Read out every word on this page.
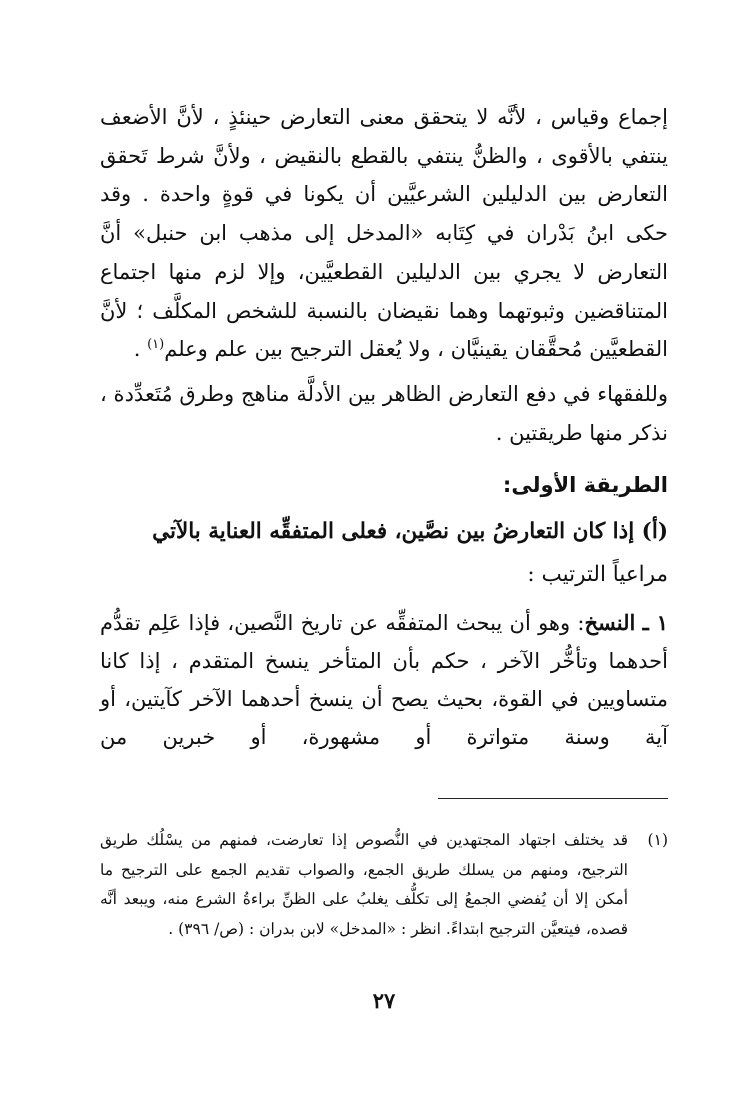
إجماع وقياس ، لأنَّه لا يتحقق معنى التعارض حينئذٍ ، لأنَّ الأضعف ينتفي بالأقوى ، والظنُّ ينتفي بالقطع بالنقيض ، ولأنَّ شرط تَحقق التعارض بين الدليلين الشرعيَّين أن يكونا في قوةٍ واحدة . وقد حكى ابنُ بَدْران في كِتَابه «المدخل إلى مذهب ابن حنبل» أنَّ التعارض لا يجري بين الدليلين القطعيَّين، وإلا لزم منها اجتماع المتناقضين وثبوتهما وهما نقيضان بالنسبة للشخص المكلَّف ؛ لأنَّ القطعيَّين مُحقَّقان يقينيَّان ، ولا يُعقل الترجيح بين علم وعلم$^{(١)}$ .

وللفقهاء في دفع التعارض الظاهر بين الأدلَّة مناهج وطرق مُتَعدِّدة ، نذكر منها طريقتين .

الطريقة الأولى:

(أ) إذا كان التعارضُ بين نصَّين، فعلى المتفقِّه العناية بالآتي
مراعياً الترتيب :

١ ـ النسخ: وهو أن يبحث المتفقِّه عن تاريخ النَّصين، فإذا عَلِم تقدُّم أحدهما وتأخُّر الآخر ، حكم بأن المتأخر ينسخ المتقدم ، إذا كانا متساويين في القوة، بحيث يصح أن ينسخ أحدهما الآخر كآيتين، أو آية وسنة متواترة أو مشهورة، أو خبرين من

(١)
قد يختلف اجتهاد المجتهدين في النُّصوص إذا تعارضت، فمنهم من يسْلُك طريق الترجيح، ومنهم من يسلك طريق الجمع، والصواب تقديم الجمع على الترجيح ما أمكن إلا أن يُفضي الجمعُ إلى تكلُّف يغلبُ على الظنِّ براءةُ الشرع منه، ويبعد أنَّه قصده، فيتعيَّن الترجيح ابتداءً. انظر : «المدخل» لابن بدران : (ص/ ٣٩٦) .
٢٧
